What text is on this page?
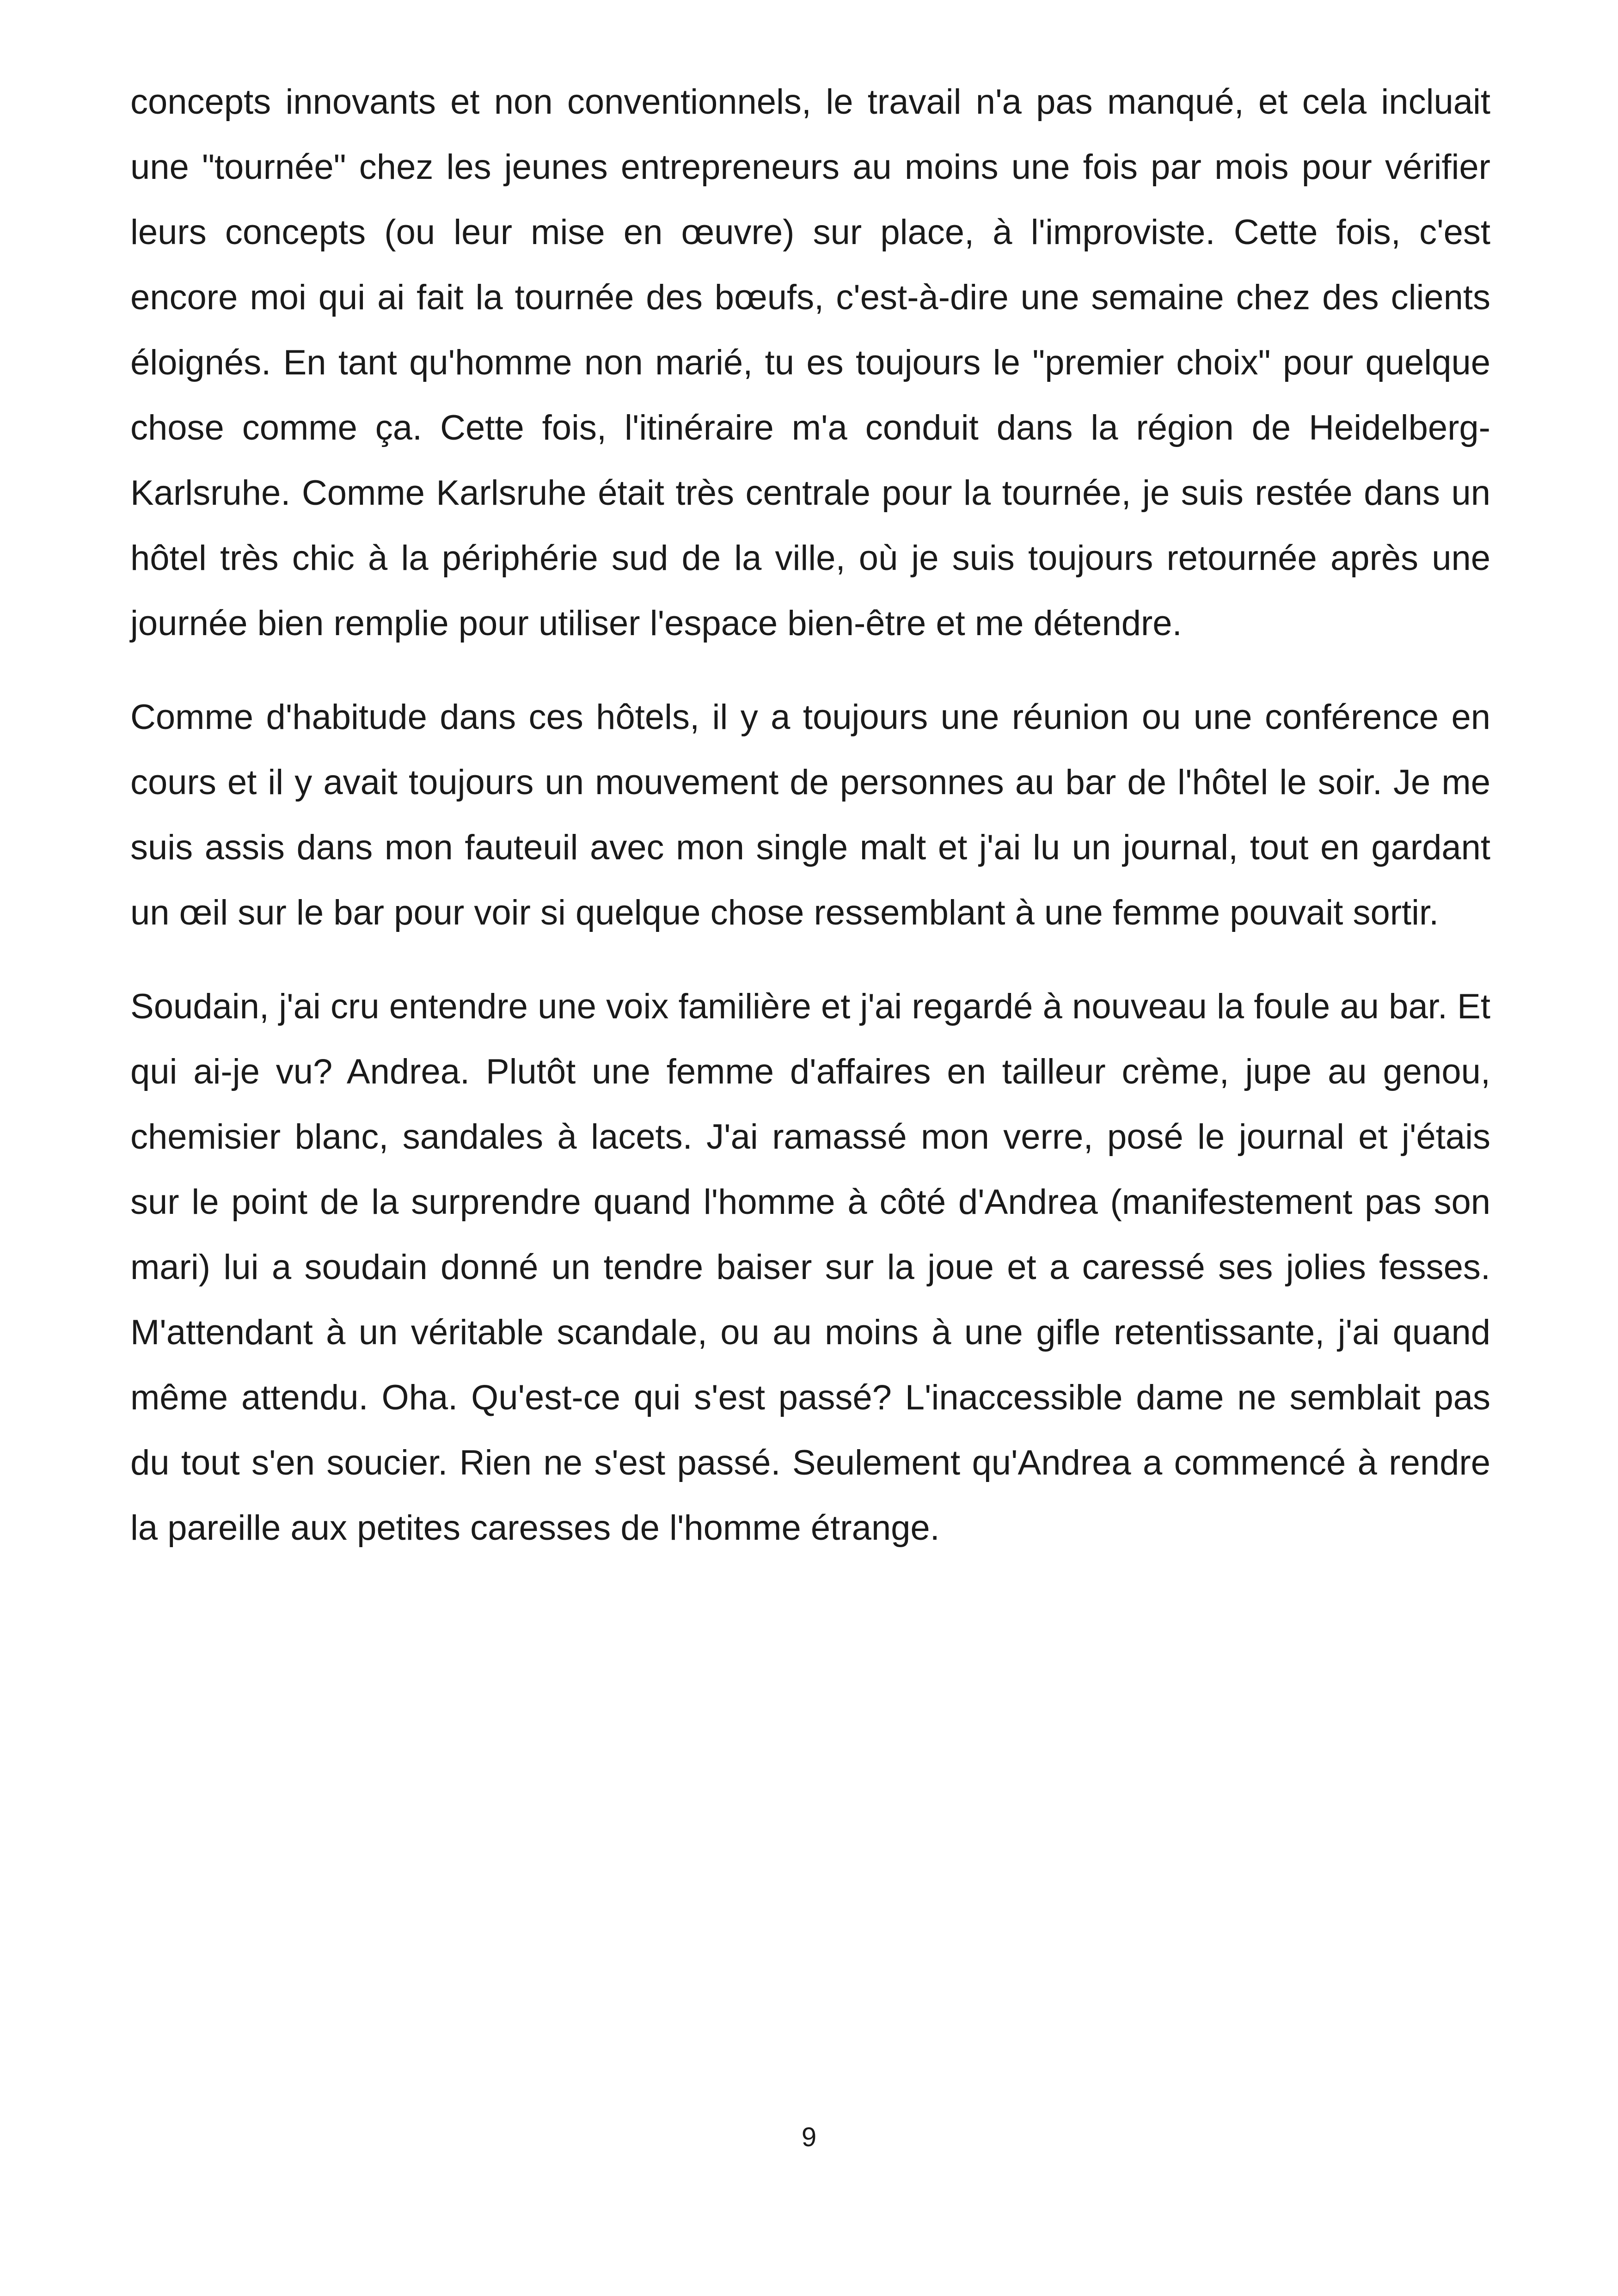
concepts innovants et non conventionnels, le travail n'a pas manqué, et cela incluait une "tournée" chez les jeunes entrepreneurs au moins une fois par mois pour vérifier leurs concepts (ou leur mise en œuvre) sur place, à l'improviste. Cette fois, c'est encore moi qui ai fait la tournée des bœufs, c'est-à-dire une semaine chez des clients éloignés. En tant qu'homme non marié, tu es toujours le "premier choix" pour quelque chose comme ça. Cette fois, l'itinéraire m'a conduit dans la région de Heidelberg-Karlsruhe. Comme Karlsruhe était très centrale pour la tournée, je suis restée dans un hôtel très chic à la périphérie sud de la ville, où je suis toujours retournée après une journée bien remplie pour utiliser l'espace bien-être et me détendre.

Comme d'habitude dans ces hôtels, il y a toujours une réunion ou une conférence en cours et il y avait toujours un mouvement de personnes au bar de l'hôtel le soir. Je me suis assis dans mon fauteuil avec mon single malt et j'ai lu un journal, tout en gardant un œil sur le bar pour voir si quelque chose ressemblant à une femme pouvait sortir.

Soudain, j'ai cru entendre une voix familière et j'ai regardé à nouveau la foule au bar. Et qui ai-je vu? Andrea. Plutôt une femme d'affaires en tailleur crème, jupe au genou, chemisier blanc, sandales à lacets. J'ai ramassé mon verre, posé le journal et j'étais sur le point de la surprendre quand l'homme à côté d'Andrea (manifestement pas son mari) lui a soudain donné un tendre baiser sur la joue et a caressé ses jolies fesses. M'attendant à un véritable scandale, ou au moins à une gifle retentissante, j'ai quand même attendu. Oha. Qu'est-ce qui s'est passé? L'inaccessible dame ne semblait pas du tout s'en soucier. Rien ne s'est passé. Seulement qu'Andrea a commencé à rendre la pareille aux petites caresses de l'homme étrange.

9
